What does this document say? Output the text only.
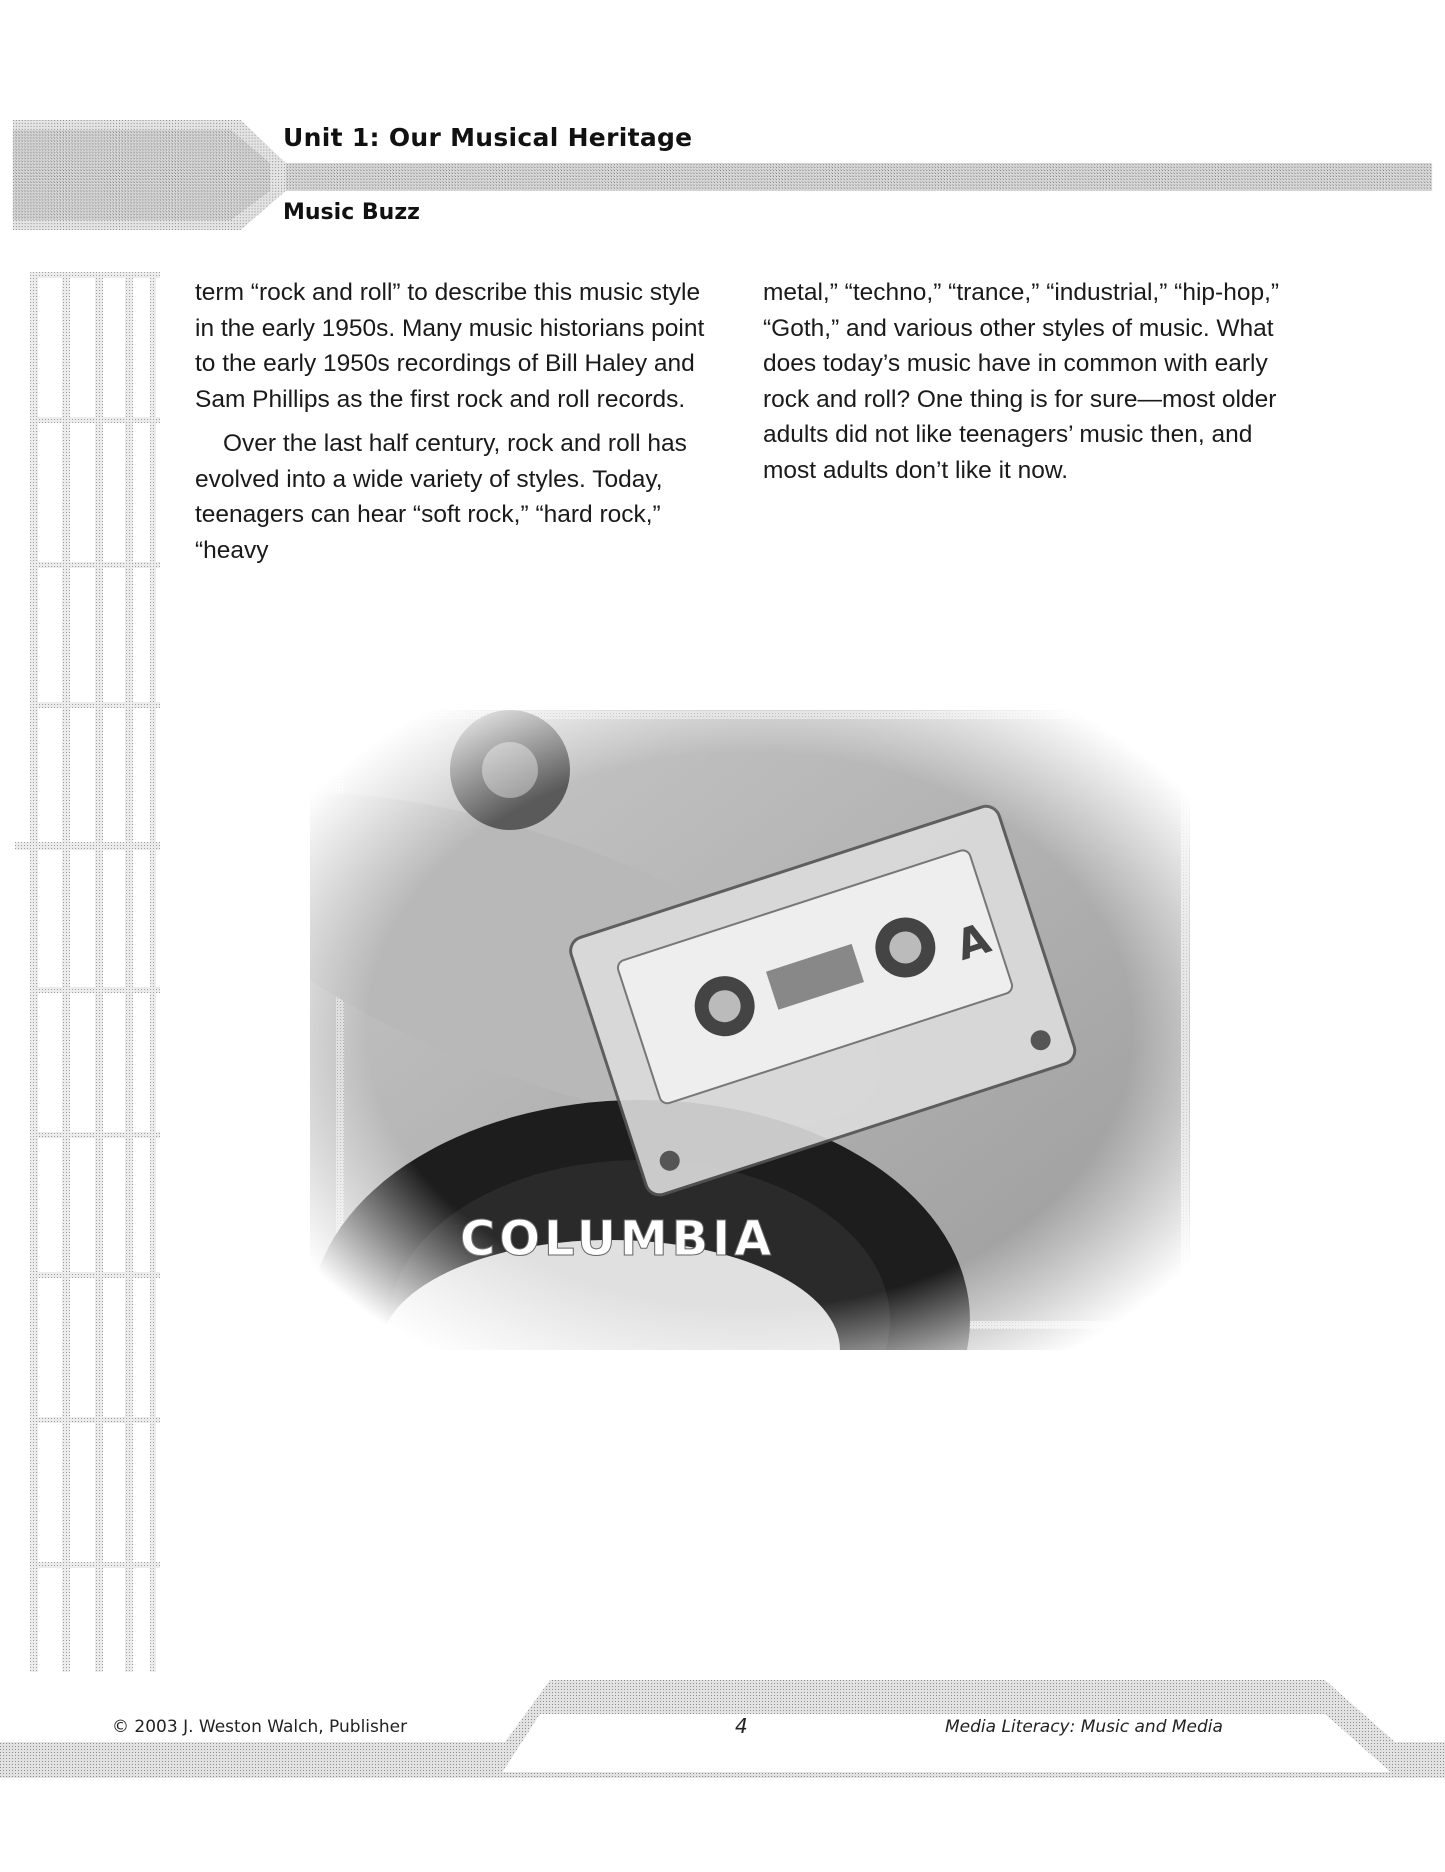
Unit 1: Our Musical Heritage
Music Buzz

term “rock and roll” to describe this music style in the early 1950s. Many music historians point to the early 1950s recordings of Bill Haley and Sam Phillips as the first rock and roll records.

Over the last half century, rock and roll has evolved into a wide variety of styles. Today, teenagers can hear “soft rock,” “hard rock,” “heavy

metal,” “techno,” “trance,” “industrial,” “hip-hop,” “Goth,” and various other styles of music. What does today’s music have in common with early rock and roll? One thing is for sure—most older adults did not like teenagers’ music then, and most adults don’t like it now.

© 2003 J. Weston Walch, Publisher	4	Media Literacy: Music and Media
